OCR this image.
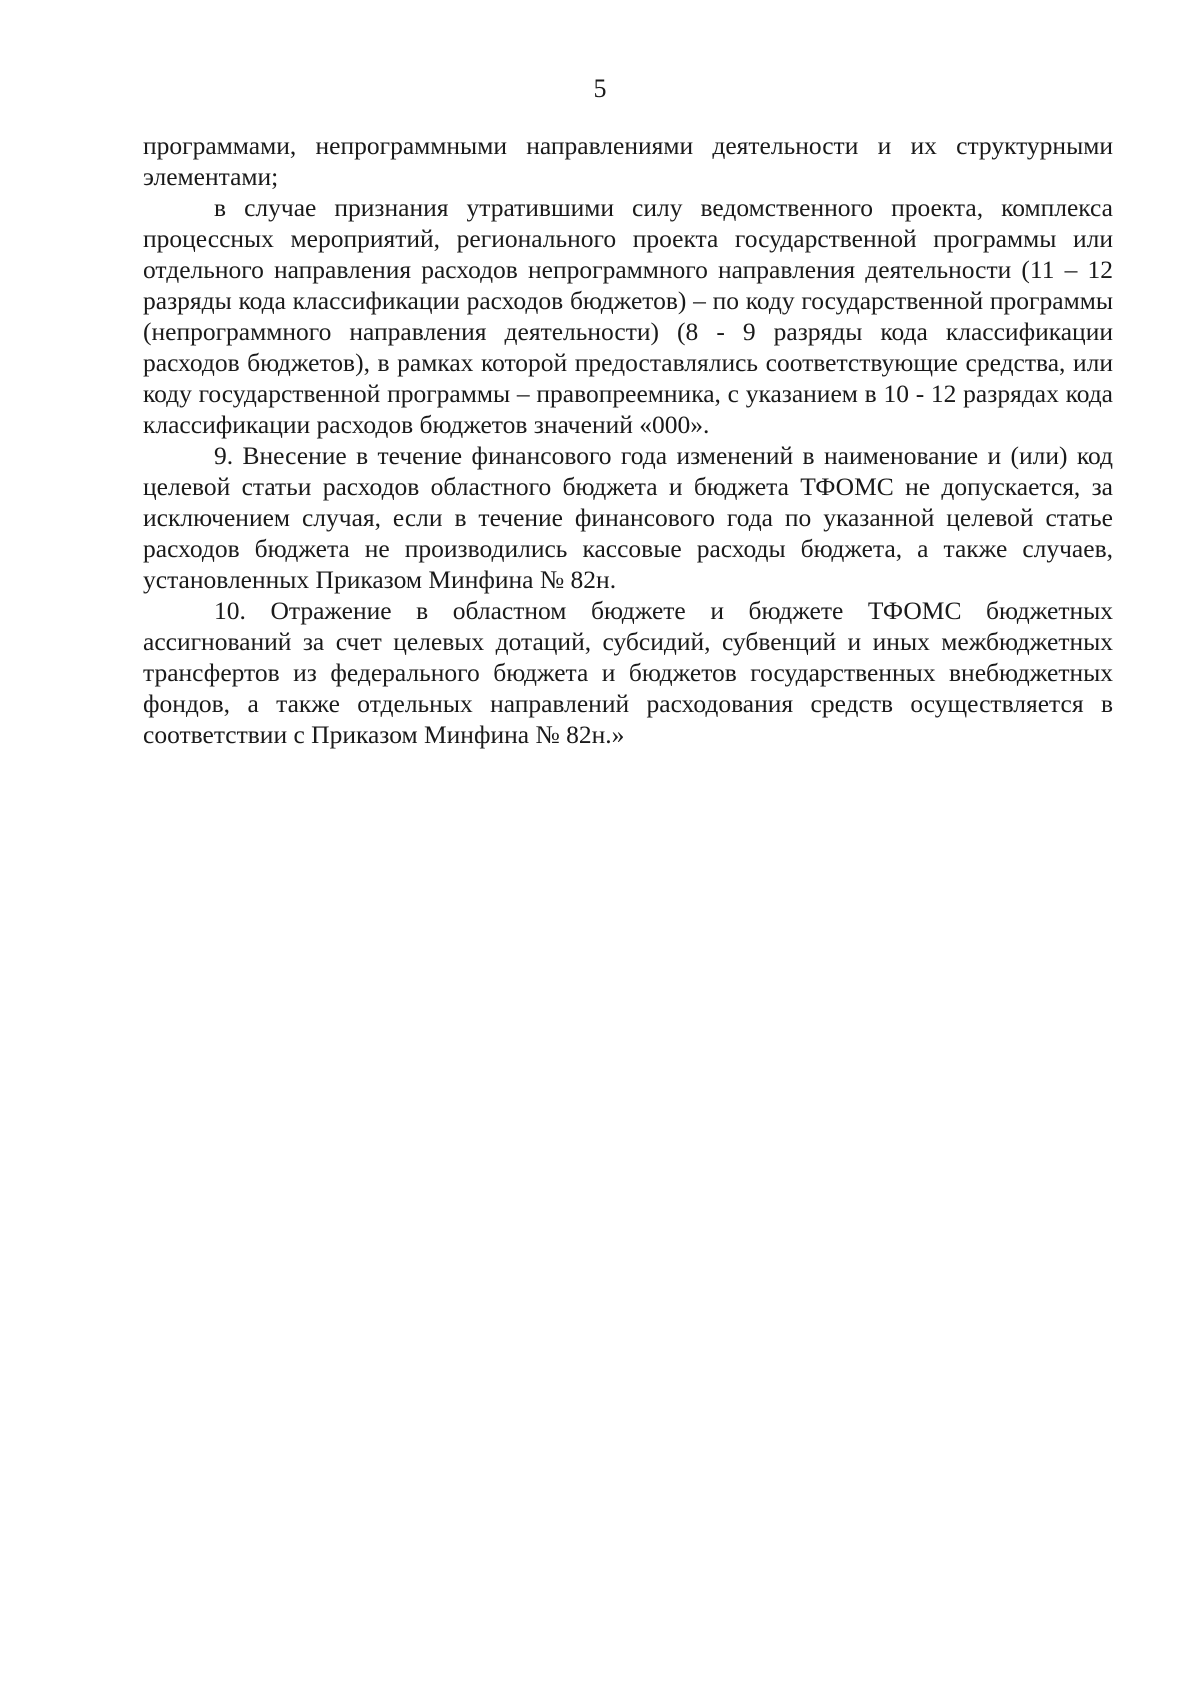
5

программами, непрограммными направлениями деятельности и их структурными элементами;

в случае признания утратившими силу ведомственного проекта, комплекса процессных мероприятий, регионального проекта государственной программы или отдельного направления расходов непрограммного направления деятельности (11 – 12 разряды кода классификации расходов бюджетов) – по коду государственной программы (непрограммного направления деятельности) (8 - 9 разряды кода классификации расходов бюджетов), в рамках которой предоставлялись соответствующие средства, или коду государственной программы – правопреемника, с указанием в 10 - 12 разрядах кода классификации расходов бюджетов значений «000».

9. Внесение в течение финансового года изменений в наименование и (или) код целевой статьи расходов областного бюджета и бюджета ТФОМС не допускается, за исключением случая, если в течение финансового года по указанной целевой статье расходов бюджета не производились кассовые расходы бюджета, а также случаев, установленных Приказом Минфина № 82н.

10. Отражение в областном бюджете и бюджете ТФОМС бюджетных ассигнований за счет целевых дотаций, субсидий, субвенций и иных межбюджетных трансфертов из федерального бюджета и бюджетов государственных внебюджетных фондов, а также отдельных направлений расходования средств осуществляется в соответствии с Приказом Минфина № 82н.»
